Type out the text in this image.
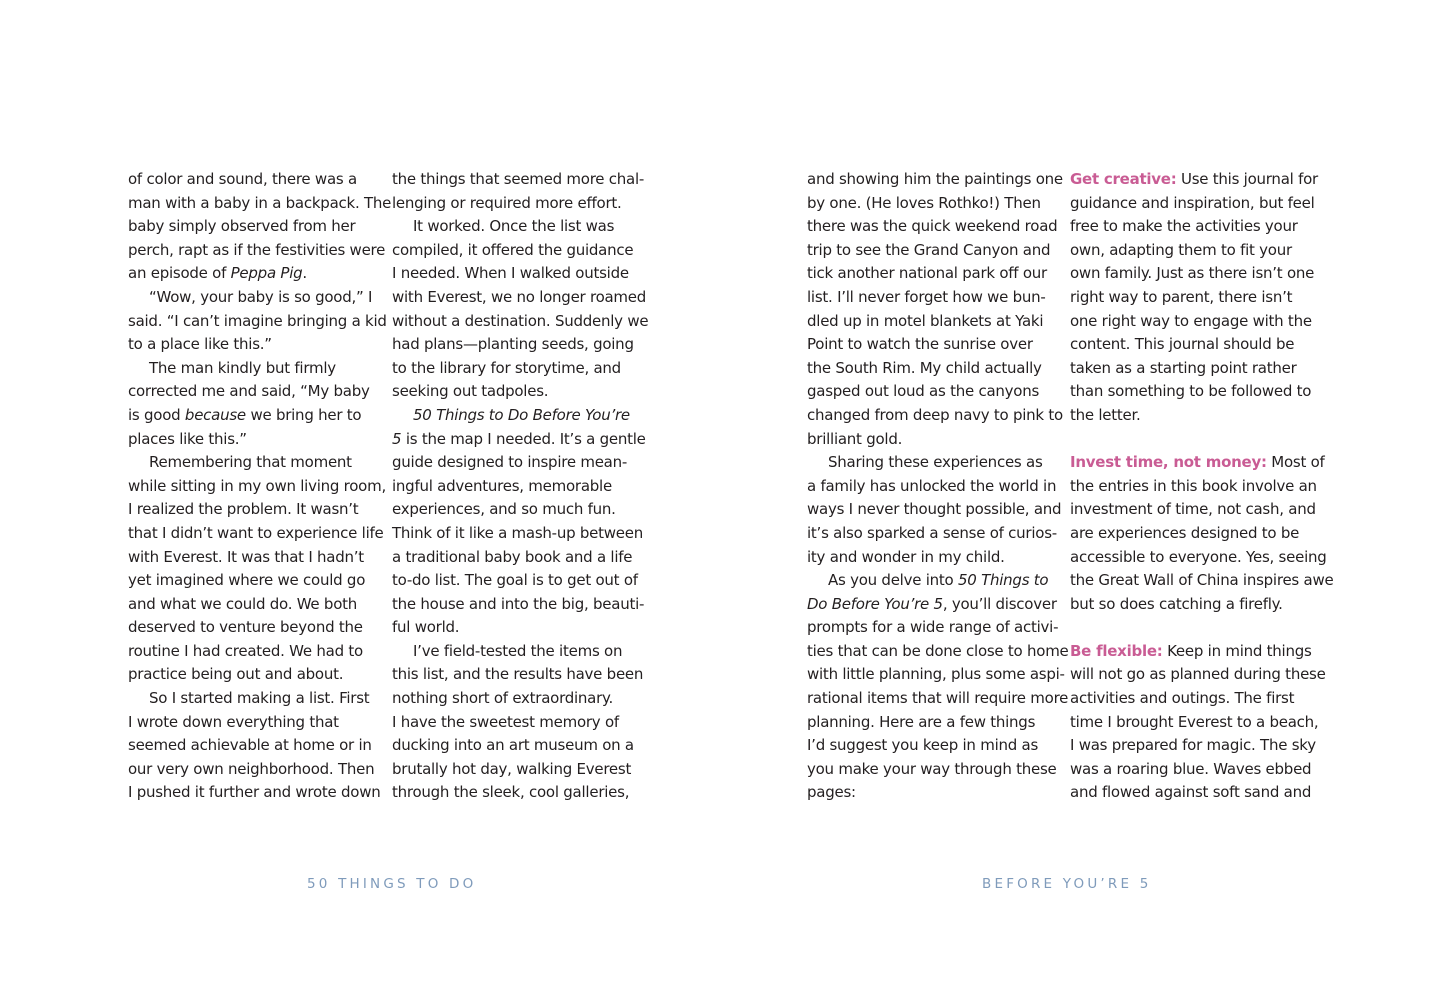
of color and sound, there was a
man with a baby in a backpack. The
baby simply observed from her
perch, rapt as if the festivities were
an episode of Peppa Pig.
“Wow, your baby is so good,” I
said. “I can’t imagine bringing a kid
to a place like this.”
The man kindly but firmly
corrected me and said, “My baby
is good because we bring her to
places like this.”
Remembering that moment
while sitting in my own living room,
I realized the problem. It wasn’t
that I didn’t want to experience life
with Everest. It was that I hadn’t
yet imagined where we could go
and what we could do. We both
deserved to venture beyond the
routine I had created. We had to
practice being out and about.
So I started making a list. First
I wrote down everything that
seemed achievable at home or in
our very own neighborhood. Then
I pushed it further and wrote down
the things that seemed more chal-
lenging or required more effort.
It worked. Once the list was
compiled, it offered the guidance
I needed. When I walked outside
with Everest, we no longer roamed
without a destination. Suddenly we
had plans—planting seeds, going
to the library for storytime, and
seeking out tadpoles.
50 Things to Do Before You’re
5 is the map I needed. It’s a gentle
guide designed to inspire mean-
ingful adventures, memorable
experiences, and so much fun.
Think of it like a mash-up between
a traditional baby book and a life
to-do list. The goal is to get out of
the house and into the big, beauti-
ful world.
I’ve field-tested the items on
this list, and the results have been
nothing short of extraordinary.
I have the sweetest memory of
ducking into an art museum on a
brutally hot day, walking Everest
through the sleek, cool galleries,
and showing him the paintings one
by one. (He loves Rothko!) Then
there was the quick weekend road
trip to see the Grand Canyon and
tick another national park off our
list. I’ll never forget how we bun-
dled up in motel blankets at Yaki
Point to watch the sunrise over
the South Rim. My child actually
gasped out loud as the canyons
changed from deep navy to pink to
brilliant gold.
Sharing these experiences as
a family has unlocked the world in
ways I never thought possible, and
it’s also sparked a sense of curios-
ity and wonder in my child.
As you delve into 50 Things to
Do Before You’re 5, you’ll discover
prompts for a wide range of activi-
ties that can be done close to home
with little planning, plus some aspi-
rational items that will require more
planning. Here are a few things
I’d suggest you keep in mind as
you make your way through these
pages:
Get creative: Use this journal for
guidance and inspiration, but feel
free to make the activities your
own, adapting them to fit your
own family. Just as there isn’t one
right way to parent, there isn’t
one right way to engage with the
content. This journal should be
taken as a starting point rather
than something to be followed to
the letter.
Invest time, not money: Most of
the entries in this book involve an
investment of time, not cash, and
are experiences designed to be
accessible to everyone. Yes, seeing
the Great Wall of China inspires awe
but so does catching a firefly.
Be flexible: Keep in mind things
will not go as planned during these
activities and outings. The first
time I brought Everest to a beach,
I was prepared for magic. The sky
was a roaring blue. Waves ebbed
and flowed against soft sand and
50 THINGS TO DO	BEFORE YOU’RE 5
